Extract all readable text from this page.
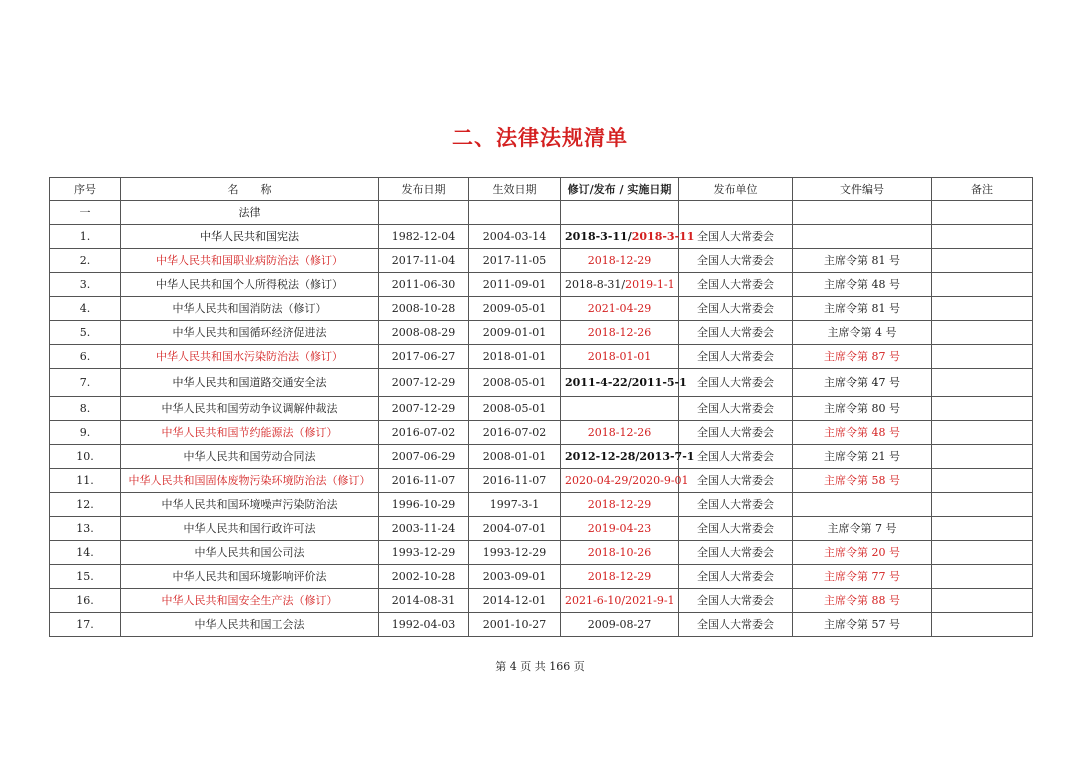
二、法律法规清单
序号	名　　称	发布日期	生效日期	修订/发布 / 实施日期	发布单位	文件编号	备注
一	法律						
1.	中华人民共和国宪法	1982-12-04	2004-03-14	2018-3-11/2018-3-11	全国人大常委会		
2.	中华人民共和国职业病防治法（修订）	2017-11-04	2017-11-05	2018-12-29	全国人大常委会	主席令第 81 号	
3.	中华人民共和国个人所得税法（修订）	2011-06-30	2011-09-01	2018-8-31/2019-1-1	全国人大常委会	主席令第 48 号	
4.	中华人民共和国消防法（修订）	2008-10-28	2009-05-01	2021-04-29	全国人大常委会	主席令第 81 号	
5.	中华人民共和国循环经济促进法	2008-08-29	2009-01-01	2018-12-26	全国人大常委会	主席令第 4 号	
6.	中华人民共和国水污染防治法（修订）	2017-06-27	2018-01-01	2018-01-01	全国人大常委会	主席令第 87 号	
7.	中华人民共和国道路交通安全法	2007-12-29	2008-05-01	2011-4-22/2011-5-1	全国人大常委会	主席令第 47 号	
8.	中华人民共和国劳动争议调解仲裁法	2007-12-29	2008-05-01		全国人大常委会	主席令第 80 号	
9.	中华人民共和国节约能源法（修订）	2016-07-02	2016-07-02	2018-12-26	全国人大常委会	主席令第 48 号	
10.	中华人民共和国劳动合同法	2007-06-29	2008-01-01	2012-12-28/2013-7-1	全国人大常委会	主席令第 21 号	
11.	中华人民共和国固体废物污染环境防治法（修订）	2016-11-07	2016-11-07	2020-04-29/2020-9-01	全国人大常委会	主席令第 58 号	
12.	中华人民共和国环境噪声污染防治法	1996-10-29	1997-3-1	2018-12-29	全国人大常委会		
13.	中华人民共和国行政许可法	2003-11-24	2004-07-01	2019-04-23	全国人大常委会	主席令第 7 号	
14.	中华人民共和国公司法	1993-12-29	1993-12-29	2018-10-26	全国人大常委会	主席令第 20 号	
15.	中华人民共和国环境影响评价法	2002-10-28	2003-09-01	2018-12-29	全国人大常委会	主席令第 77 号	
16.	中华人民共和国安全生产法（修订）	2014-08-31	2014-12-01	2021-6-10/2021-9-1	全国人大常委会	主席令第 88 号	
17.	中华人民共和国工会法	1992-04-03	2001-10-27	2009-08-27	全国人大常委会	主席令第 57 号	
第 4 页 共 166 页
